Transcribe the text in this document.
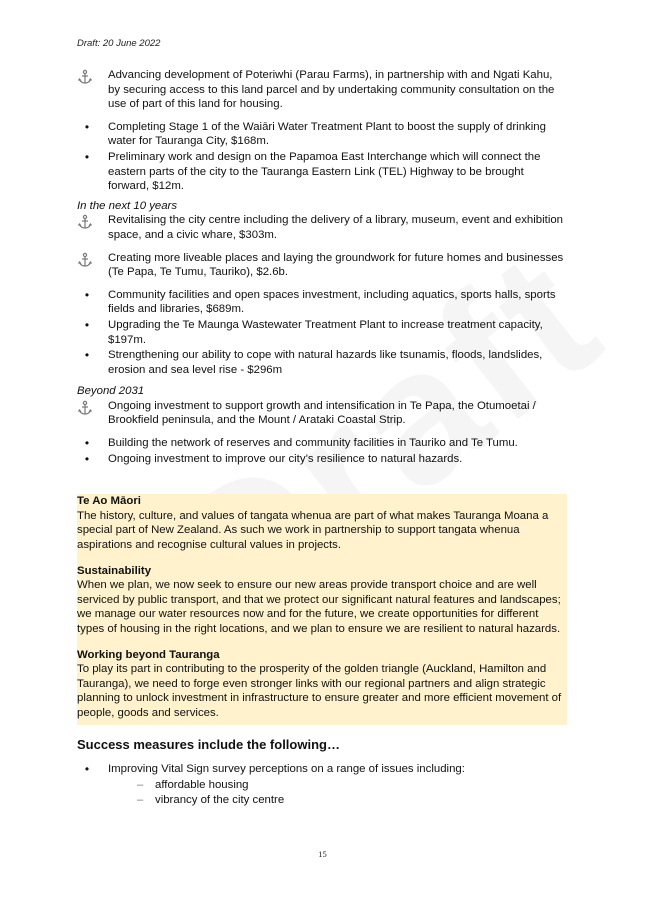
Draft: 20 June 2022
Advancing development of Poteriwhi (Parau Farms), in partnership with and Ngati Kahu, by securing access to this land parcel and by undertaking community consultation on the use of part of this land for housing.
•	Completing Stage 1 of the Waiāri Water Treatment Plant to boost the supply of drinking water for Tauranga City, $168m.
•	Preliminary work and design on the Papamoa East Interchange which will connect the eastern parts of the city to the Tauranga Eastern Link (TEL) Highway to be brought forward, $12m.
In the next 10 years
Revitalising the city centre including the delivery of a library, museum, event and exhibition space, and a civic whare, $303m.
Creating more liveable places and laying the groundwork for future homes and businesses (Te Papa, Te Tumu, Tauriko), $2.6b.
•	Community facilities and open spaces investment, including aquatics, sports halls, sports fields and libraries, $689m.
•	Upgrading the Te Maunga Wastewater Treatment Plant to increase treatment capacity, $197m.
•	Strengthening our ability to cope with natural hazards like tsunamis, floods, landslides, erosion and sea level rise - $296m
Beyond 2031
Ongoing investment to support growth and intensification in Te Papa, the Otumoetai / Brookfield peninsula, and the Mount / Arataki Coastal Strip.
•	Building the network of reserves and community facilities in Tauriko and Te Tumu.
•	Ongoing investment to improve our city’s resilience to natural hazards.
Te Ao Māori
The history, culture, and values of tangata whenua are part of what makes Tauranga Moana a special part of New Zealand. As such we work in partnership to support tangata whenua aspirations and recognise cultural values in projects.
Sustainability
When we plan, we now seek to ensure our new areas provide transport choice and are well serviced by public transport, and that we protect our significant natural features and landscapes; we manage our water resources now and for the future, we create opportunities for different types of housing in the right locations, and we plan to ensure we are resilient to natural hazards.
Working beyond Tauranga
To play its part in contributing to the prosperity of the golden triangle (Auckland, Hamilton and Tauranga), we need to forge even stronger links with our regional partners and align strategic planning to unlock investment in infrastructure to ensure greater and more efficient movement of people, goods and services.
Success measures include the following…
•	Improving Vital Sign survey perceptions on a range of issues including:
– affordable housing
– vibrancy of the city centre
15
